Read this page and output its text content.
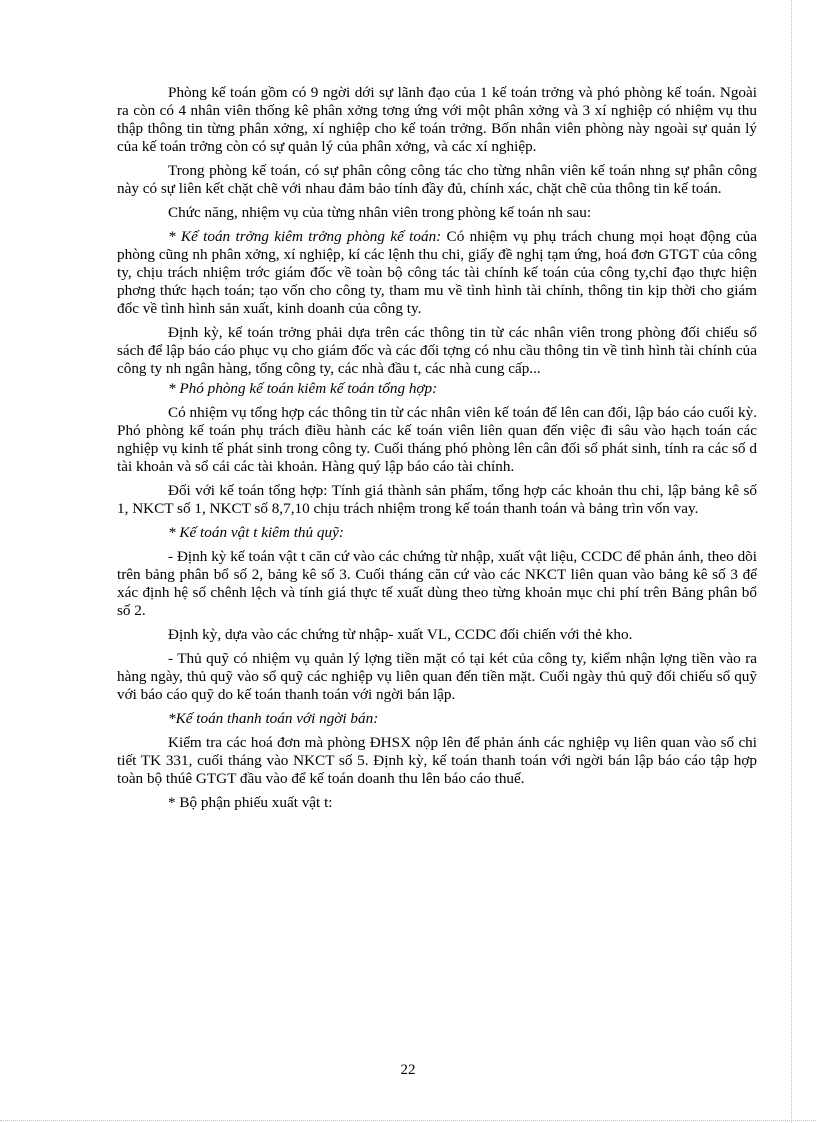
Phòng kế toán gồm có 9 ngời dới sự lãnh đạo của 1 kế toán trởng và phó phòng kế toán. Ngoài ra còn có 4 nhân viên thống kê phân xởng tơng ứng với một phân xởng và 3 xí nghiệp có nhiệm vụ thu thập thông tin từng phân xởng, xí nghiệp cho kế toán trởng. Bốn nhân viên phòng này ngoài sự quản lý của kế toán trởng còn có sự quản lý của phân xởng, và các xí nghiệp.

Trong phòng kế toán, có sự phân công công tác cho từng nhân viên kế toán nhng sự phân công này có sự liên kết chặt chẽ với nhau đảm bảo tính đầy đủ, chính xác, chặt chẽ của thông tin kế toán.

Chức năng, nhiệm vụ của từng nhân viên trong phòng kế toán nh sau:

* Kế toán trởng kiêm trởng phòng kế toán: Có nhiệm vụ phụ trách chung mọi hoạt động của phòng cũng nh phân xởng, xí nghiệp, kí các lệnh thu chi, giấy đề nghị tạm ứng, hoá đơn GTGT của công ty, chịu trách nhiệm trớc giám đốc về toàn bộ công tác tài chính kế toán của công ty,chỉ đạo thực hiện phơng thức hạch toán; tạo vốn cho công ty, tham mu về tình hình tài chính, thông tin kịp thời cho giám đốc về tình hình sản xuất, kinh doanh của công ty.

Định kỳ, kế toán trởng phải dựa trên các thông tin từ các nhân viên trong phòng đối chiếu sổ sách để lập báo cáo phục vụ cho giám đốc và các đối tợng có nhu cầu thông tin về tình hình tài chính của công ty nh ngân hàng, tổng công ty, các nhà đầu t, các nhà cung cấp...

* Phó phòng kế toán kiêm kế toán tổng hợp:

Có nhiệm vụ tổng hợp các thông tin từ các nhân viên kế toán để lên can đối, lập báo cáo cuối kỳ. Phó phòng kế toán phụ trách điều hành các kế toán viên liên quan đến việc đi sâu vào hạch toán các nghiệp vụ kinh tế phát sinh trong công ty. Cuối tháng phó phòng lên cân đối số phát sinh, tính ra các số d tài khoản và sổ cái các tài khoản. Hàng quý lập báo cáo tài chính.

Đối với kế toán tổng hợp: Tính giá thành sản phẩm, tổng hợp các khoản thu chi, lập bảng kê số 1, NKCT số 1, NKCT số 8,7,10 chịu trách nhiệm trong kế toán thanh toán và bảng trìn vốn vay.

* Kế toán vật t kiêm thủ quỹ:

- Định kỳ kế toán vật t căn cứ vào các chứng từ nhập, xuất vật liệu, CCDC để phản ánh, theo dõi trên bảng phân bổ số 2, bảng kê số 3. Cuối tháng căn cứ vào các NKCT liên quan vào bảng kê số 3 để xác định hệ số chênh lệch và tính giá thực tế xuất dùng theo từng khoản mục chi phí trên Bảng phân bổ số 2.

Định kỳ, dựa vào các chứng từ nhập- xuất VL, CCDC đối chiến với thẻ kho.

- Thủ quỹ có nhiệm vụ quản lý lợng tiền mặt có tại két của công ty, kiểm nhận lợng tiền vào ra hàng ngày, thủ quỹ vào sổ quỹ các nghiệp vụ liên quan đến tiền mặt. Cuối ngày thủ quỹ đối chiếu sổ quỹ với báo cáo quỹ do kế toán thanh toán với ngời bán lập.

*Kế toán thanh toán với ngời bán:

Kiểm tra các hoá đơn mà phòng ĐHSX nộp lên để phản ánh các nghiệp vụ liên quan vào sổ chi tiết TK 331, cuối tháng vào NKCT số 5. Định kỳ, kế toán thanh toán với ngời bán lập báo cáo tập hợp toàn bộ thúê GTGT đầu vào để kế toán doanh thu lên báo cáo thuế.

* Bộ phận phiếu xuất vật t:

22
